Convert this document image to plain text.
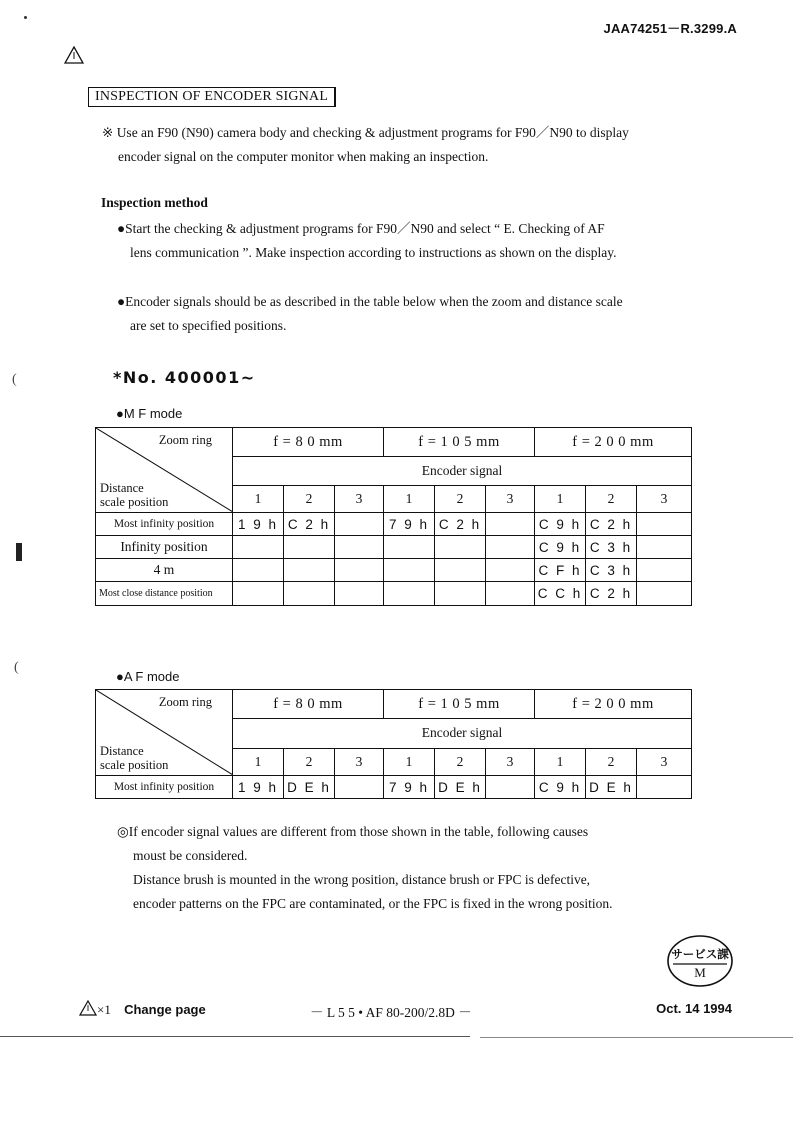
(
(
JAA74251－R.3299.A
INSPECTION OF ENCODER SIGNAL
※ Use an F90 (N90) camera body and checking & adjustment programs for F90／N90 to display
encoder signal on the computer monitor when making an inspection.
Inspection method
●Start the checking & adjustment programs for F90／N90 and select “ E. Checking of AF
lens communication ”. Make inspection according to instructions as shown on the display.
●Encoder signals should be as described in the table below when the zoom and distance scale
are set to specified positions.
*No. 400001~
●M F mode
Zoom ring
Distance
scale position	f = 8 0 mm			f = 1 0 5 mm			f = 2 0 0 mm		
	Encoder signal								
	1	2	3	1	2	3	1	2	3
Most infinity position	1 9 h	C 2 h		7 9 h	C 2 h		C 9 h	C 2 h	
Infinity position							C 9 h	C 3 h	
4 m							C F h	C 3 h	
Most close distance position							C C h	C 2 h	
●A F mode
Zoom ring
Distance
scale position	f = 8 0 mm			f = 1 0 5 mm			f = 2 0 0 mm		
	Encoder signal								
	1	2	3	1	2	3	1	2	3
Most infinity position	1 9 h	D E h		7 9 h	D E h		C 9 h	D E h	
◎If encoder signal values are different from those shown in the table, following causes
moust be considered.
Distance brush is mounted in the wrong position, distance brush or FPC is defective,
encoder patterns on the FPC are contaminated, or the FPC is fixed in the wrong position.
サービス課
M
×1 Change page	－ L 5 5 • AF 80-200/2.8D －	Oct. 14 1994
